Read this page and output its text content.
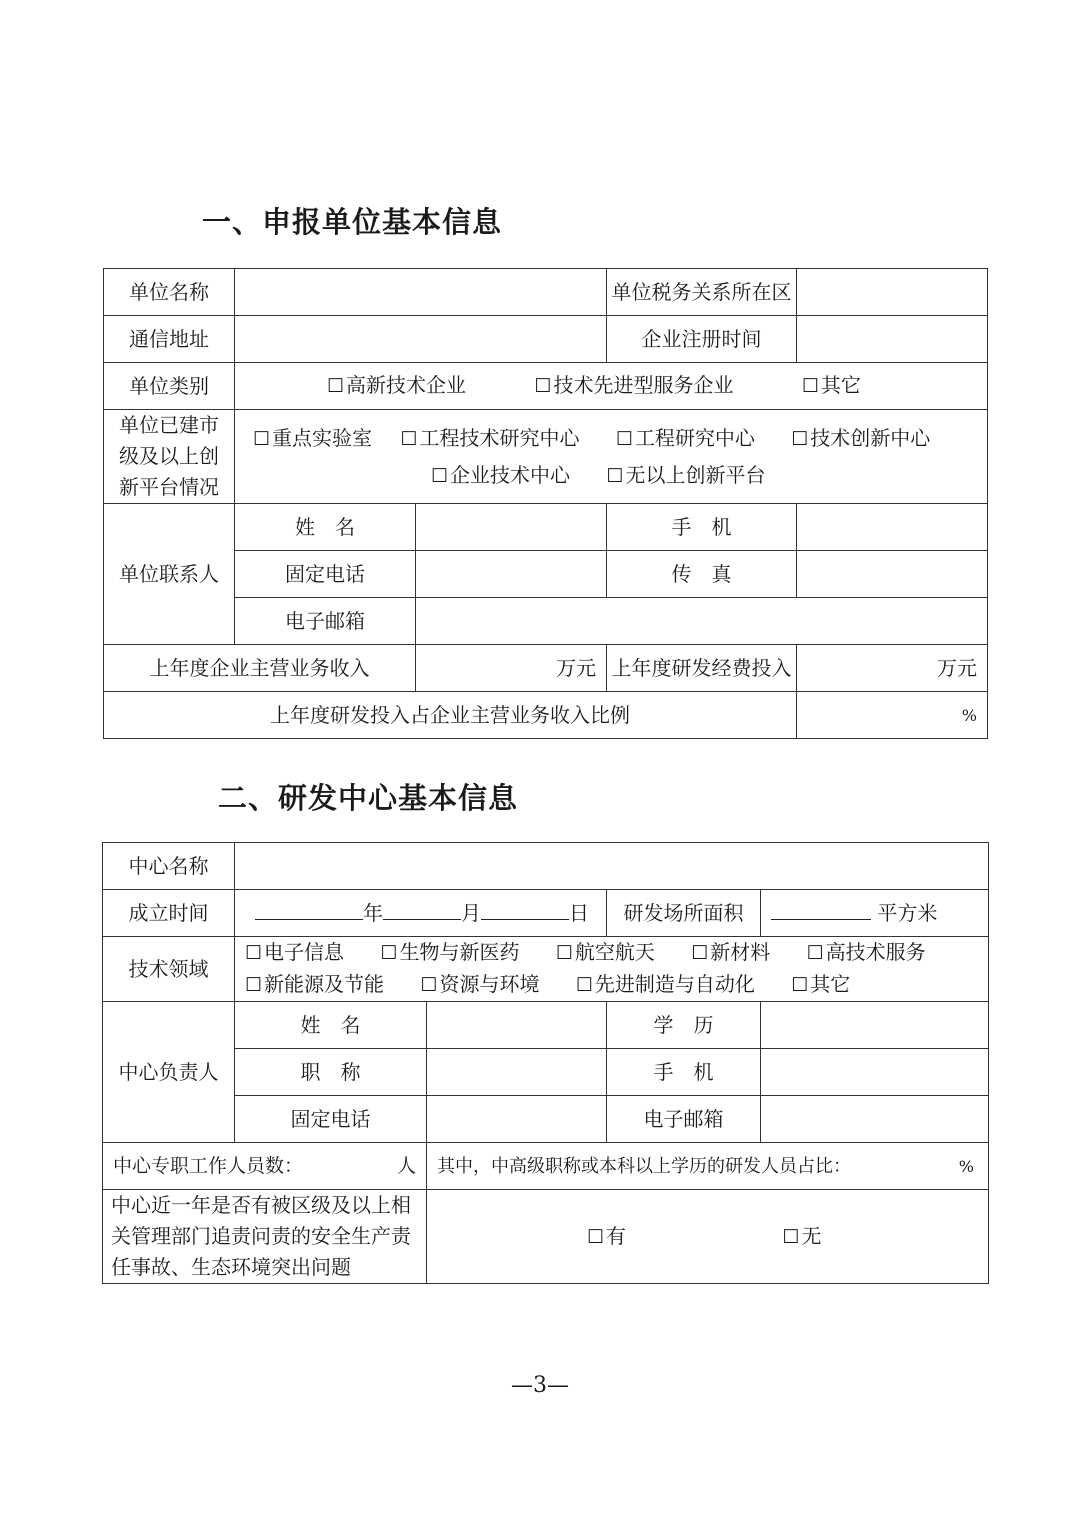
一、申报单位基本信息
单位名称			单位税务关系所在区	
通信地址			企业注册时间	
单位类别	☐ 高新技术企业 ☐ 技术先进型服务企业 ☐ 其它			
单位已建市级及以上创新平台情况	☐ 重点实验室 ☐ 工程技术研究中心 ☐ 工程研究中心 ☐ 技术创新中心
☐ 企业技术中心 ☐ 无以上创新平台			

单位联系人	姓　名		手　机	
	固定电话		传　真	
	电子邮箱			
上年度企业主营业务收入		万元	上年度研发经费投入	万元
上年度研发投入占企业主营业务收入比例				%
二、研发中心基本信息
中心名称				
成立时间	年 月 日		研发场所面积	平方米
技术领域	☐ 电子信息 ☐ 生物与新医药 ☐ 航空航天 ☐ 新材料 ☐ 高技术服务
☐ 新能源及节能 ☐ 资源与环境 ☐ 先进制造与自动化 ☐ 其它			

中心负责人	姓　名		学　历	
	职　称		手　机	
	固定电话		电子邮箱	
中心专职工作人员数： 人		其中，中高级职称或本科以上学历的研发人员占比： %		

中心近一年是否有被区级及以上相关管理部门追责问责的安全生产责任事故、生态环境突出问题		☐ 有 ☐ 无		

—3—
